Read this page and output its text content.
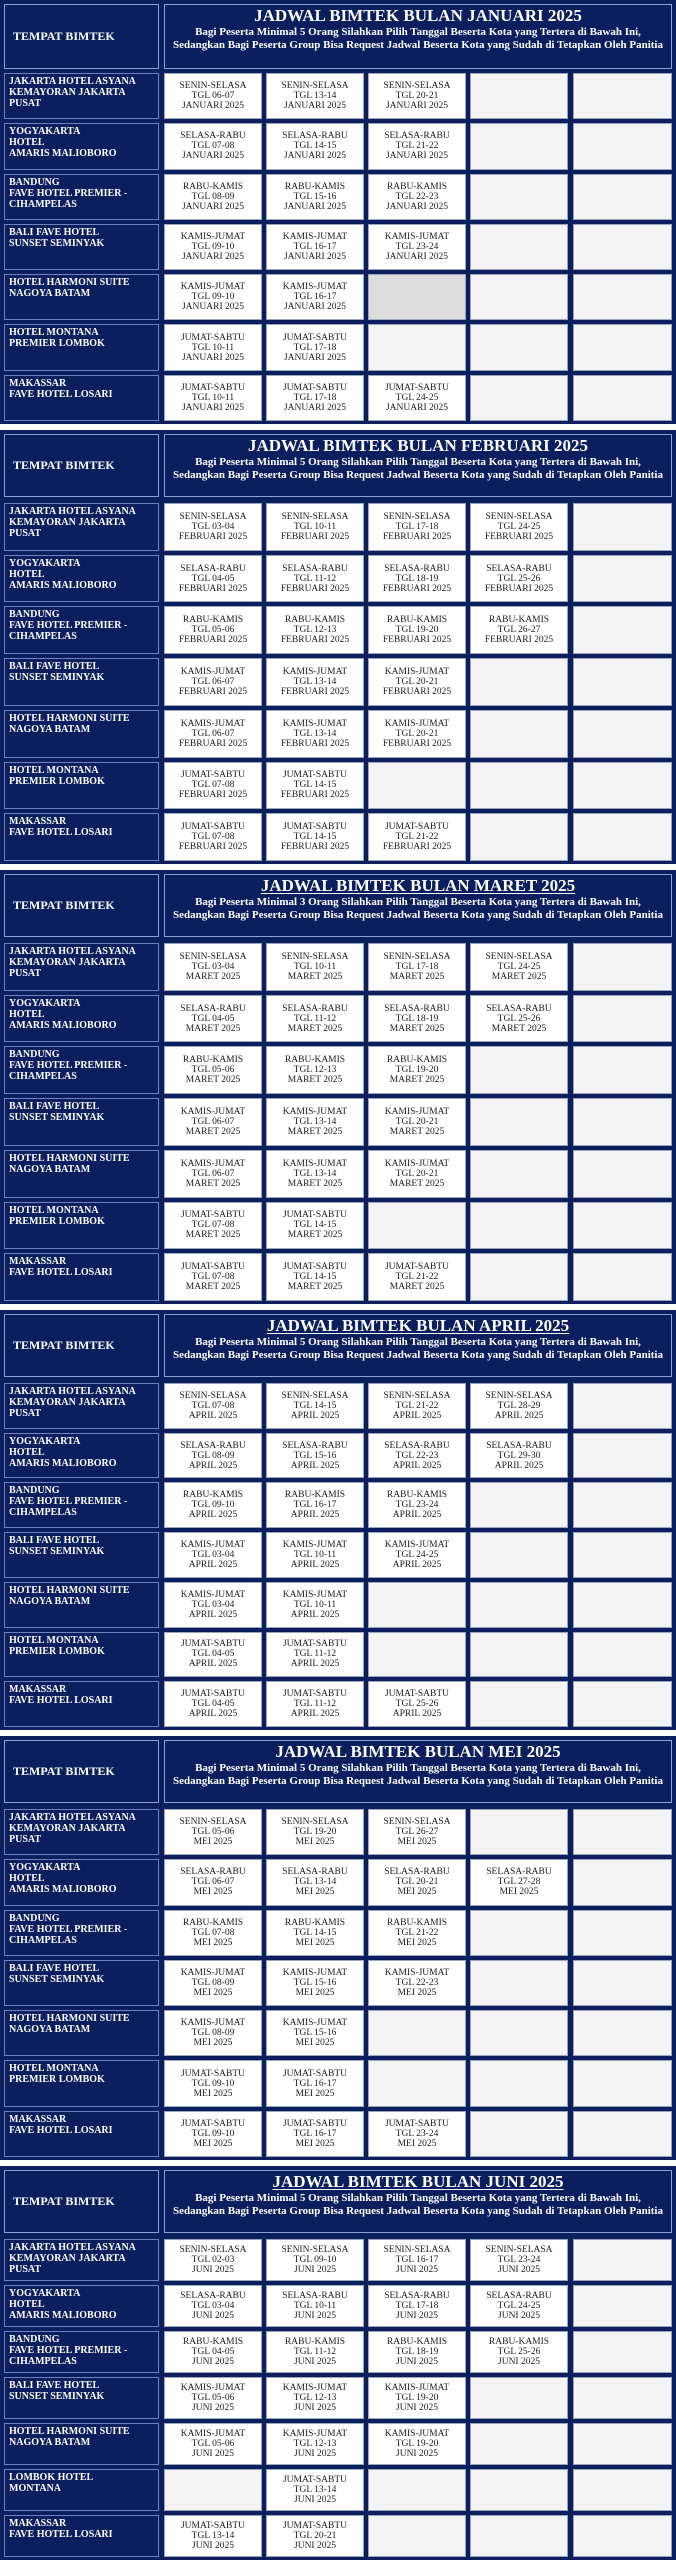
TEMPAT BIMTEK
JADWAL BIMTEK BULAN JANUARI 2025
Bagi Peserta Minimal 5 Orang Silahkan Pilih Tanggal Beserta Kota yang Tertera di Bawah Ini, Sedangkan Bagi Peserta Group Bisa Request Jadwal Beserta Kota yang Sudah di Tetapkan Oleh Panitia
JAKARTA HOTEL ASYANA KEMAYORAN JAKARTA PUSAT
SENIN-SELASA
TGL 06-07
JANUARI 2025
SENIN-SELASA
TGL 13-14
JANUARI 2025
SENIN-SELASA
TGL 20-21
JANUARI 2025
YOGYAKARTA
HOTEL
AMARIS MALIOBORO
SELASA-RABU
TGL 07-08
JANUARI 2025
SELASA-RABU
TGL 14-15
JANUARI 2025
SELASA-RABU
TGL 21-22
JANUARI 2025
BANDUNG
FAVE HOTEL PREMIER - CIHAMPELAS
RABU-KAMIS
TGL 08-09
JANUARI 2025
RABU-KAMIS
TGL 15-16
JANUARI 2025
RABU-KAMIS
TGL 22-23
JANUARI 2025
BALI FAVE HOTEL
SUNSET SEMINYAK
KAMIS-JUMAT
TGL 09-10
JANUARI 2025
KAMIS-JUMAT
TGL 16-17
JANUARI 2025
KAMIS-JUMAT
TGL 23-24
JANUARI 2025
HOTEL HARMONI SUITE
NAGOYA BATAM
KAMIS-JUMAT
TGL 09-10
JANUARI 2025
KAMIS-JUMAT
TGL 16-17
JANUARI 2025
HOTEL MONTANA
PREMIER LOMBOK
JUMAT-SABTU
TGL 10-11
JANUARI 2025
JUMAT-SABTU
TGL 17-18
JANUARI 2025
MAKASSAR
FAVE HOTEL LOSARI
JUMAT-SABTU
TGL 10-11
JANUARI 2025
JUMAT-SABTU
TGL 17-18
JANUARI 2025
JUMAT-SABTU
TGL 24-25
JANUARI 2025
TEMPAT BIMTEK
JADWAL BIMTEK BULAN FEBRUARI 2025
Bagi Peserta Minimal 5 Orang Silahkan Pilih Tanggal Beserta Kota yang Tertera di Bawah Ini, Sedangkan Bagi Peserta Group Bisa Request Jadwal Beserta Kota yang Sudah di Tetapkan Oleh Panitia
JAKARTA HOTEL ASYANA KEMAYORAN JAKARTA PUSAT
SENIN-SELASA
TGL 03-04
FEBRUARI 2025
SENIN-SELASA
TGL 10-11
FEBRUARI 2025
SENIN-SELASA
TGL 17-18
FEBRUARI 2025
SENIN-SELASA
TGL 24-25
FEBRUARI 2025
YOGYAKARTA
HOTEL
AMARIS MALIOBORO
SELASA-RABU
TGL 04-05
FEBRUARI 2025
SELASA-RABU
TGL 11-12
FEBRUARI 2025
SELASA-RABU
TGL 18-19
FEBRUARI 2025
SELASA-RABU
TGL 25-26
FEBRUARI 2025
BANDUNG
FAVE HOTEL PREMIER - CIHAMPELAS
RABU-KAMIS
TGL 05-06
FEBRUARI 2025
RABU-KAMIS
TGL 12-13
FEBRUARI 2025
RABU-KAMIS
TGL 19-20
FEBRUARI 2025
RABU-KAMIS
TGL 26-27
FEBRUARI 2025
BALI FAVE HOTEL
SUNSET SEMINYAK
KAMIS-JUMAT
TGL 06-07
FEBRUARI 2025
KAMIS-JUMAT
TGL 13-14
FEBRUARI 2025
KAMIS-JUMAT
TGL 20-21
FEBRUARI 2025
HOTEL HARMONI SUITE
NAGOYA BATAM
KAMIS-JUMAT
TGL 06-07
FEBRUARI 2025
KAMIS-JUMAT
TGL 13-14
FEBRUARI 2025
KAMIS-JUMAT
TGL 20-21
FEBRUARI 2025
HOTEL MONTANA
PREMIER LOMBOK
JUMAT-SABTU
TGL 07-08
FEBRUARI 2025
JUMAT-SABTU
TGL 14-15
FEBRUARI 2025
MAKASSAR
FAVE HOTEL LOSARI
JUMAT-SABTU
TGL 07-08
FEBRUARI 2025
JUMAT-SABTU
TGL 14-15
FEBRUARI 2025
JUMAT-SABTU
TGL 21-22
FEBRUARI 2025
TEMPAT BIMTEK
JADWAL BIMTEK BULAN MARET 2025
Bagi Peserta Minimal 3 Orang Silahkan Pilih Tanggal Beserta Kota yang Tertera di Bawah Ini, Sedangkan Bagi Peserta Group Bisa Request Jadwal Beserta Kota yang Sudah di Tetapkan Oleh Panitia
JAKARTA HOTEL ASYANA KEMAYORAN JAKARTA PUSAT
SENIN-SELASA
TGL 03-04
MARET 2025
SENIN-SELASA
TGL 10-11
MARET 2025
SENIN-SELASA
TGL 17-18
MARET 2025
SENIN-SELASA
TGL 24-25
MARET 2025
YOGYAKARTA
HOTEL
AMARIS MALIOBORO
SELASA-RABU
TGL 04-05
MARET 2025
SELASA-RABU
TGL 11-12
MARET 2025
SELASA-RABU
TGL 18-19
MARET 2025
SELASA-RABU
TGL 25-26
MARET 2025
BANDUNG
FAVE HOTEL PREMIER - CIHAMPELAS
RABU-KAMIS
TGL 05-06
MARET 2025
RABU-KAMIS
TGL 12-13
MARET 2025
RABU-KAMIS
TGL 19-20
MARET 2025
BALI FAVE HOTEL
SUNSET SEMINYAK
KAMIS-JUMAT
TGL 06-07
MARET 2025
KAMIS-JUMAT
TGL 13-14
MARET 2025
KAMIS-JUMAT
TGL 20-21
MARET 2025
HOTEL HARMONI SUITE
NAGOYA BATAM
KAMIS-JUMAT
TGL 06-07
MARET 2025
KAMIS-JUMAT
TGL 13-14
MARET 2025
KAMIS-JUMAT
TGL 20-21
MARET 2025
HOTEL MONTANA
PREMIER LOMBOK
JUMAT-SABTU
TGL 07-08
MARET 2025
JUMAT-SABTU
TGL 14-15
MARET 2025
MAKASSAR
FAVE HOTEL LOSARI
JUMAT-SABTU
TGL 07-08
MARET 2025
JUMAT-SABTU
TGL 14-15
MARET 2025
JUMAT-SABTU
TGL 21-22
MARET 2025
TEMPAT BIMTEK
JADWAL BIMTEK BULAN APRIL 2025
Bagi Peserta Minimal 5 Orang Silahkan Pilih Tanggal Beserta Kota yang Tertera di Bawah Ini, Sedangkan Bagi Peserta Group Bisa Request Jadwal Beserta Kota yang Sudah di Tetapkan Oleh Panitia
JAKARTA HOTEL ASYANA KEMAYORAN JAKARTA PUSAT
SENIN-SELASA
TGL 07-08
APRIL 2025
SENIN-SELASA
TGL 14-15
APRIL 2025
SENIN-SELASA
TGL 21-22
APRIL 2025
SENIN-SELASA
TGL 28-29
APRIL 2025
YOGYAKARTA
HOTEL
AMARIS MALIOBORO
SELASA-RABU
TGL 08-09
APRIL 2025
SELASA-RABU
TGL 15-16
APRIL 2025
SELASA-RABU
TGL 22-23
APRIL 2025
SELASA-RABU
TGL 29-30
APRIL 2025
BANDUNG
FAVE HOTEL PREMIER - CIHAMPELAS
RABU-KAMIS
TGL 09-10
APRIL 2025
RABU-KAMIS
TGL 16-17
APRIL 2025
RABU-KAMIS
TGL 23-24
APRIL 2025
BALI FAVE HOTEL
SUNSET SEMINYAK
KAMIS-JUMAT
TGL 03-04
APRIL 2025
KAMIS-JUMAT
TGL 10-11
APRIL 2025
KAMIS-JUMAT
TGL 24-25
APRIL 2025
HOTEL HARMONI SUITE
NAGOYA BATAM
KAMIS-JUMAT
TGL 03-04
APRIL 2025
KAMIS-JUMAT
TGL 10-11
APRIL 2025
HOTEL MONTANA
PREMIER LOMBOK
JUMAT-SABTU
TGL 04-05
APRIL 2025
JUMAT-SABTU
TGL 11-12
APRIL 2025
MAKASSAR
FAVE HOTEL LOSARI
JUMAT-SABTU
TGL 04-05
APRIL 2025
JUMAT-SABTU
TGL 11-12
APRIL 2025
JUMAT-SABTU
TGL 25-26
APRIL 2025
TEMPAT BIMTEK
JADWAL BIMTEK BULAN MEI 2025
Bagi Peserta Minimal 5 Orang Silahkan Pilih Tanggal Beserta Kota yang Tertera di Bawah Ini, Sedangkan Bagi Peserta Group Bisa Request Jadwal Beserta Kota yang Sudah di Tetapkan Oleh Panitia
JAKARTA HOTEL ASYANA KEMAYORAN JAKARTA PUSAT
SENIN-SELASA
TGL 05-06
MEI 2025
SENIN-SELASA
TGL 19-20
MEI 2025
SENIN-SELASA
TGL 26-27
MEI 2025
YOGYAKARTA
HOTEL
AMARIS MALIOBORO
SELASA-RABU
TGL 06-07
MEI 2025
SELASA-RABU
TGL 13-14
MEI 2025
SELASA-RABU
TGL 20-21
MEI 2025
SELASA-RABU
TGL 27-28
MEI 2025
BANDUNG
FAVE HOTEL PREMIER - CIHAMPELAS
RABU-KAMIS
TGL 07-08
MEI 2025
RABU-KAMIS
TGL 14-15
MEI 2025
RABU-KAMIS
TGL 21-22
MEI 2025
BALI FAVE HOTEL
SUNSET SEMINYAK
KAMIS-JUMAT
TGL 08-09
MEI 2025
KAMIS-JUMAT
TGL 15-16
MEI 2025
KAMIS-JUMAT
TGL 22-23
MEI 2025
HOTEL HARMONI SUITE
NAGOYA BATAM
KAMIS-JUMAT
TGL 08-09
MEI 2025
KAMIS-JUMAT
TGL 15-16
MEI 2025
HOTEL MONTANA
PREMIER LOMBOK
JUMAT-SABTU
TGL 09-10
MEI 2025
JUMAT-SABTU
TGL 16-17
MEI 2025
MAKASSAR
FAVE HOTEL LOSARI
JUMAT-SABTU
TGL 09-10
MEI 2025
JUMAT-SABTU
TGL 16-17
MEI 2025
JUMAT-SABTU
TGL 23-24
MEI 2025
TEMPAT BIMTEK
JADWAL BIMTEK BULAN JUNI 2025
Bagi Peserta Minimal 5 Orang Silahkan Pilih Tanggal Beserta Kota yang Tertera di Bawah Ini, Sedangkan Bagi Peserta Group Bisa Request Jadwal Beserta Kota yang Sudah di Tetapkan Oleh Panitia
JAKARTA HOTEL ASYANA KEMAYORAN JAKARTA PUSAT
SENIN-SELASA
TGL 02-03
JUNI 2025
SENIN-SELASA
TGL 09-10
JUNI 2025
SENIN-SELASA
TGL 16-17
JUNI 2025
SENIN-SELASA
TGL 23-24
JUNI 2025
YOGYAKARTA
HOTEL
AMARIS MALIOBORO
SELASA-RABU
TGL 03-04
JUNI 2025
SELASA-RABU
TGL 10-11
JUNI 2025
SELASA-RABU
TGL 17-18
JUNI 2025
SELASA-RABU
TGL 24-25
JUNI 2025
BANDUNG
FAVE HOTEL PREMIER - CIHAMPELAS
RABU-KAMIS
TGL 04-05
JUNI 2025
RABU-KAMIS
TGL 11-12
JUNI 2025
RABU-KAMIS
TGL 18-19
JUNI 2025
RABU-KAMIS
TGL 25-26
JUNI 2025
BALI FAVE HOTEL
SUNSET SEMINYAK
KAMIS-JUMAT
TGL 05-06
JUNI 2025
KAMIS-JUMAT
TGL 12-13
JUNI 2025
KAMIS-JUMAT
TGL 19-20
JUNI 2025
HOTEL HARMONI SUITE
NAGOYA BATAM
KAMIS-JUMAT
TGL 05-06
JUNI 2025
KAMIS-JUMAT
TGL 12-13
JUNI 2025
KAMIS-JUMAT
TGL 19-20
JUNI 2025
LOMBOK HOTEL
MONTANA
JUMAT-SABTU
TGL 13-14
JUNI 2025
MAKASSAR
FAVE HOTEL LOSARI
JUMAT-SABTU
TGL 13-14
JUNI 2025
JUMAT-SABTU
TGL 20-21
JUNI 2025
